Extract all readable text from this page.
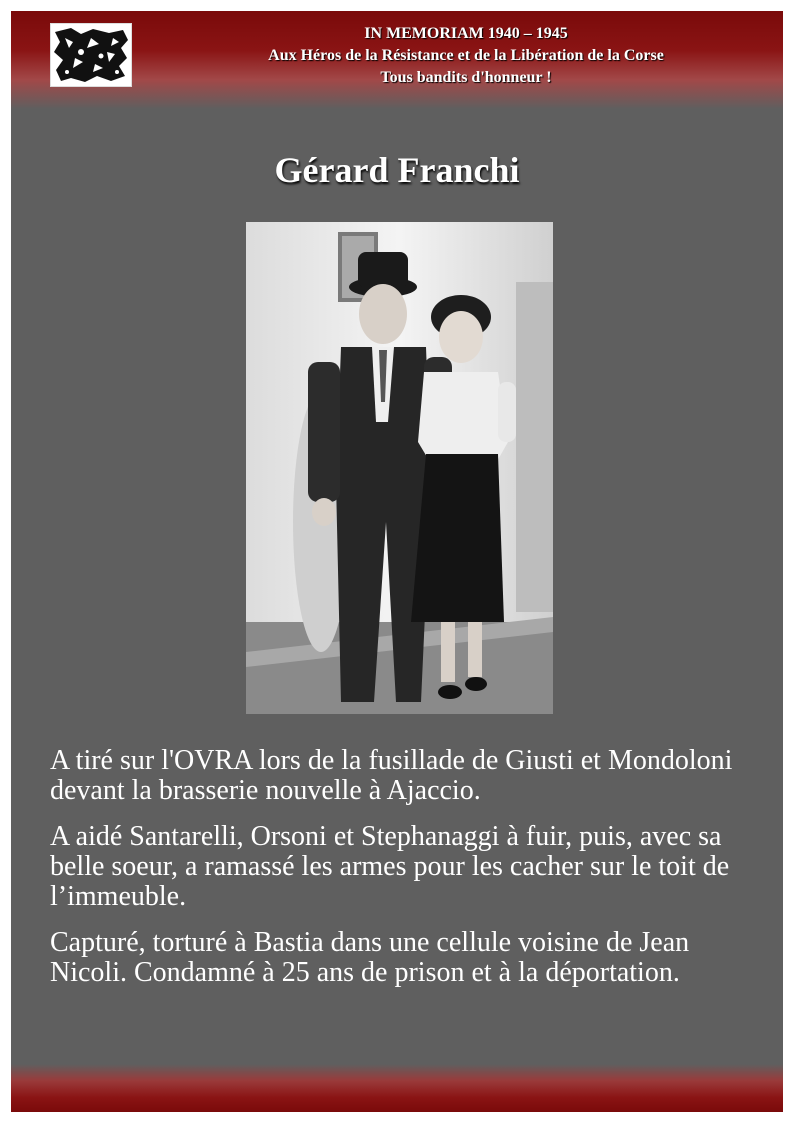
IN MEMORIAM 1940 – 1945
Aux Héros de la Résistance et de la Libération de la Corse
Tous bandits d'honneur !
Gérard Franchi

A tiré sur l'OVRA lors de la fusillade de Giusti et Mondoloni devant la brasserie nouvelle à Ajaccio.

A aidé Santarelli, Orsoni et Stephanaggi à fuir, puis, avec sa belle soeur, a ramassé les armes pour les cacher sur le toit de l’immeuble.

Capturé, torturé à Bastia dans une cellule voisine de Jean Nicoli. Condamné à 25 ans de prison et à la déportation.
